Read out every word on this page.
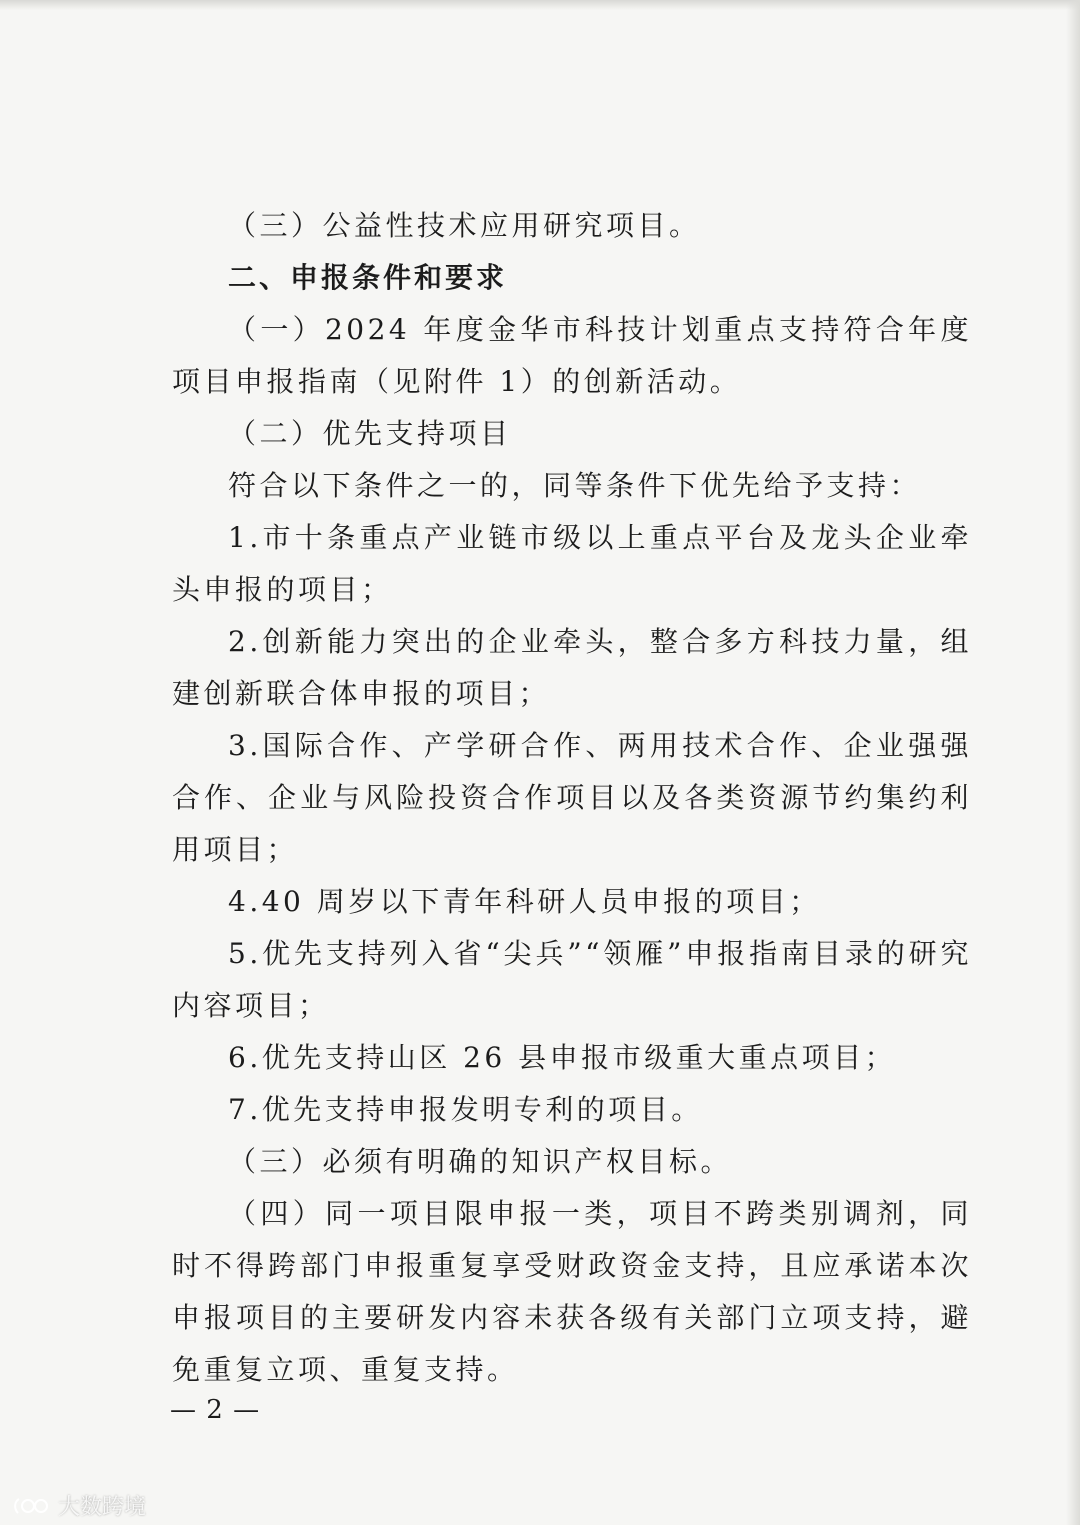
（三）公益性技术应用研究项目。

二、申报条件和要求

（一）2024 年度金华市科技计划重点支持符合年度项目申报指南（见附件 1）的创新活动。

（二）优先支持项目

符合以下条件之一的，同等条件下优先给予支持：

1.市十条重点产业链市级以上重点平台及龙头企业牵头申报的项目；

2.创新能力突出的企业牵头，整合多方科技力量，组建创新联合体申报的项目；

3.国际合作、产学研合作、两用技术合作、企业强强合作、企业与风险投资合作项目以及各类资源节约集约利用项目；

4.40 周岁以下青年科研人员申报的项目；

5.优先支持列入省“尖兵”“领雁”申报指南目录的研究内容项目；

6.优先支持山区 26 县申报市级重大重点项目；

7.优先支持申报发明专利的项目。

（三）必须有明确的知识产权目标。

（四）同一项目限申报一类，项目不跨类别调剂，同时不得跨部门申报重复享受财政资金支持，且应承诺本次申报项目的主要研发内容未获各级有关部门立项支持，避免重复立项、重复支持。

— 2 —
大数跨境
